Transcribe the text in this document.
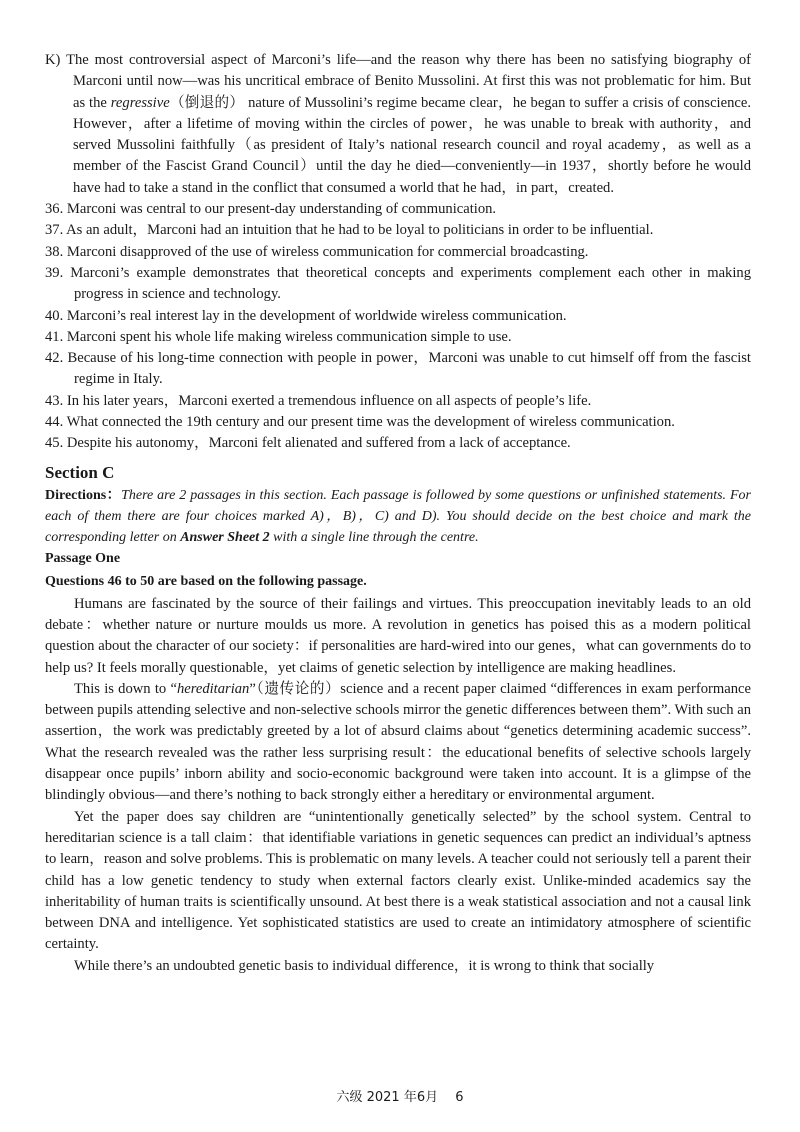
K) The most controversial aspect of Marconi’s life—and the reason why there has been no satisfying biography of Marconi until now—was his uncritical embrace of Benito Mussolini. At first this was not problematic for him. But as the regressive（倒退的） nature of Mussolini’s regime became clear，he began to suffer a crisis of conscience. However，after a lifetime of moving within the circles of power，he was unable to break with authority，and served Mussolini faithfully（as president of Italy’s national research council and royal academy，as well as a member of the Fascist Grand Council）until the day he died—conveniently—in 1937，shortly before he would have had to take a stand in the conflict that consumed a world that he had，in part，created.

36. Marconi was central to our present-day understanding of communication.

37. As an adult，Marconi had an intuition that he had to be loyal to politicians in order to be influential.

38. Marconi disapproved of the use of wireless communication for commercial broadcasting.

39. Marconi’s example demonstrates that theoretical concepts and experiments complement each other in making progress in science and technology.

40. Marconi’s real interest lay in the development of worldwide wireless communication.

41. Marconi spent his whole life making wireless communication simple to use.

42. Because of his long-time connection with people in power，Marconi was unable to cut himself off from the fascist regime in Italy.

43. In his later years，Marconi exerted a tremendous influence on all aspects of people’s life.

44. What connected the 19th century and our present time was the development of wireless communication.

45. Despite his autonomy，Marconi felt alienated and suffered from a lack of acceptance.

Section C

Directions：There are 2 passages in this section. Each passage is followed by some questions or unfinished statements. For each of them there are four choices marked A)，B)，C) and D). You should decide on the best choice and mark the corresponding letter on Answer Sheet 2 with a single line through the centre.

Passage One

Questions 46 to 50 are based on the following passage.

Humans are fascinated by the source of their failings and virtues. This preoccupation inevitably leads to an old debate：whether nature or nurture moulds us more. A revolution in genetics has poised this as a modern political question about the character of our society：if personalities are hard-wired into our genes，what can governments do to help us? It feels morally questionable，yet claims of genetic selection by intelligence are making headlines.

This is down to “hereditarian”（遗传论的）science and a recent paper claimed “differences in exam performance between pupils attending selective and non-selective schools mirror the genetic differences between them”. With such an assertion，the work was predictably greeted by a lot of absurd claims about “genetics determining academic success”. What the research revealed was the rather less surprising result：the educational benefits of selective schools largely disappear once pupils’ inborn ability and socio-economic background were taken into account. It is a glimpse of the blindingly obvious—and there’s nothing to back strongly either a hereditary or environmental argument.

Yet the paper does say children are “unintentionally genetically selected” by the school system. Central to hereditarian science is a tall claim：that identifiable variations in genetic sequences can predict an individual’s aptness to learn，reason and solve problems. This is problematic on many levels. A teacher could not seriously tell a parent their child has a low genetic tendency to study when external factors clearly exist. Unlike-minded academics say the inheritability of human traits is scientifically unsound. At best there is a weak statistical association and not a causal link between DNA and intelligence. Yet sophisticated statistics are used to create an intimidatory atmosphere of scientific certainty.

While there’s an undoubted genetic basis to individual difference，it is wrong to think that socially

六级 2021 年6月　 6
